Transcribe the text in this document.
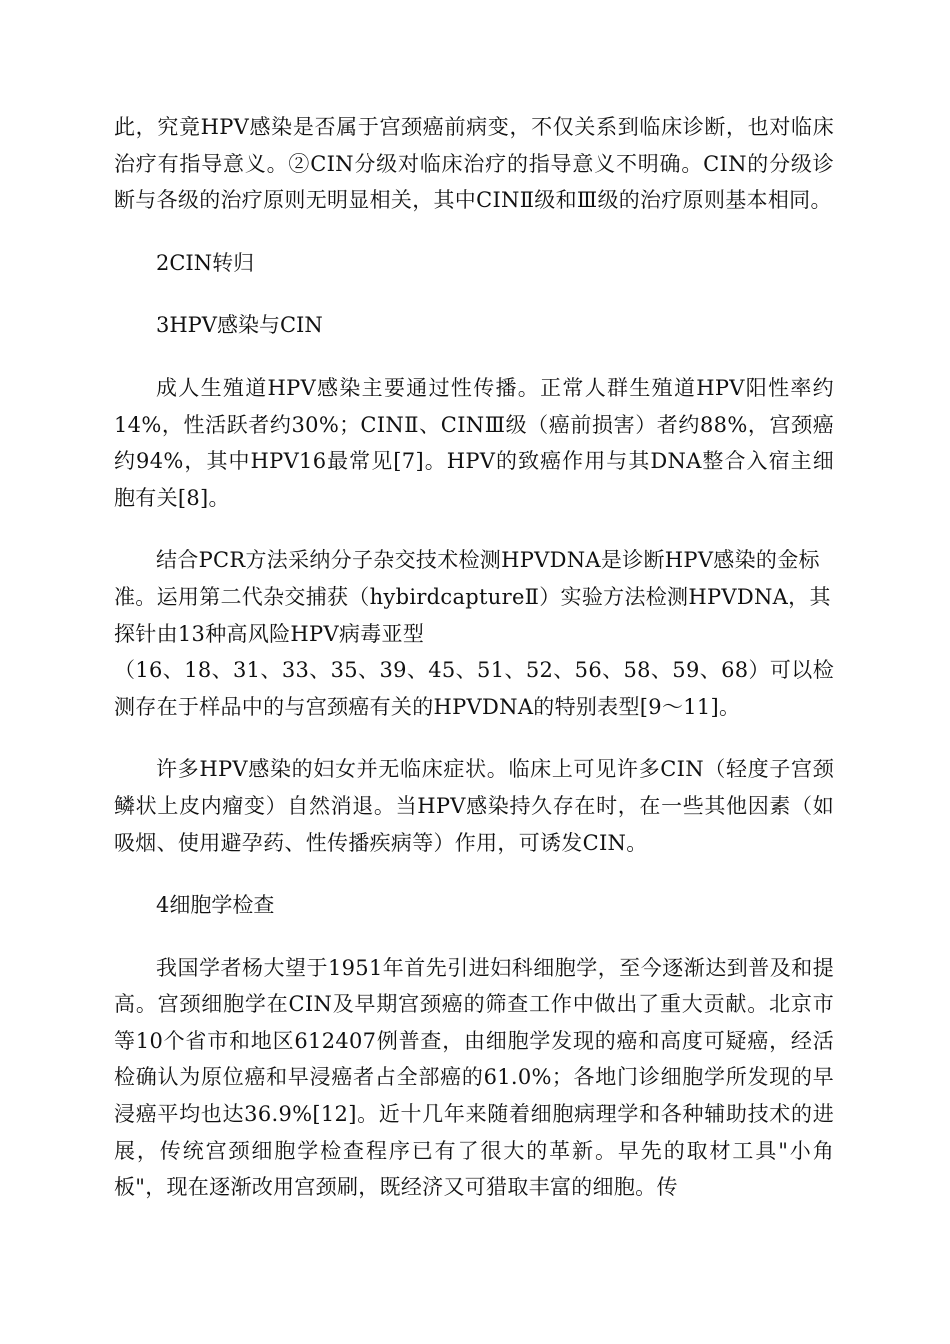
此，究竟HPV感染是否属于宫颈癌前病变，不仅关系到临床诊断，也对临床治疗有指导意义。②CIN分级对临床治疗的指导意义不明确。CIN的分级诊断与各级的治疗原则无明显相关，其中CINⅡ级和Ⅲ级的治疗原则基本相同。

2CIN转归

3HPV感染与CIN

成人生殖道HPV感染主要通过性传播。正常人群生殖道HPV阳性率约14%，性活跃者约30%；CINⅡ、CINⅢ级（癌前损害）者约88%，宫颈癌约94%，其中HPV16最常见[7]。HPV的致癌作用与其DNA整合入宿主细胞有关[8]。

结合PCR方法采纳分子杂交技术检测HPVDNA是诊断HPV感染的金标准。运用第二代杂交捕获（hybirdcaptureⅡ）实验方法检测HPVDNA，其探针由13种高风险HPV病毒亚型

（16、18、31、33、35、39、45、51、52、56、58、59、68）可以检测存在于样品中的与宫颈癌有关的HPVDNA的特别表型[9～11]。

许多HPV感染的妇女并无临床症状。临床上可见许多CIN（轻度子宫颈鳞状上皮内瘤变）自然消退。当HPV感染持久存在时，在一些其他因素（如吸烟、使用避孕药、性传播疾病等）作用，可诱发CIN。

4细胞学检查

我国学者杨大望于1951年首先引进妇科细胞学，至今逐渐达到普及和提高。宫颈细胞学在CIN及早期宫颈癌的筛查工作中做出了重大贡献。北京市等10个省市和地区612407例普查，由细胞学发现的癌和高度可疑癌，经活检确认为原位癌和早浸癌者占全部癌的61.0%；各地门诊细胞学所发现的早浸癌平均也达36.9%[12]。近十几年来随着细胞病理学和各种辅助技术的进展，传统宫颈细胞学检查程序已有了很大的革新。早先的取材工具"小角板"，现在逐渐改用宫颈刷，既经济又可猎取丰富的细胞。传
